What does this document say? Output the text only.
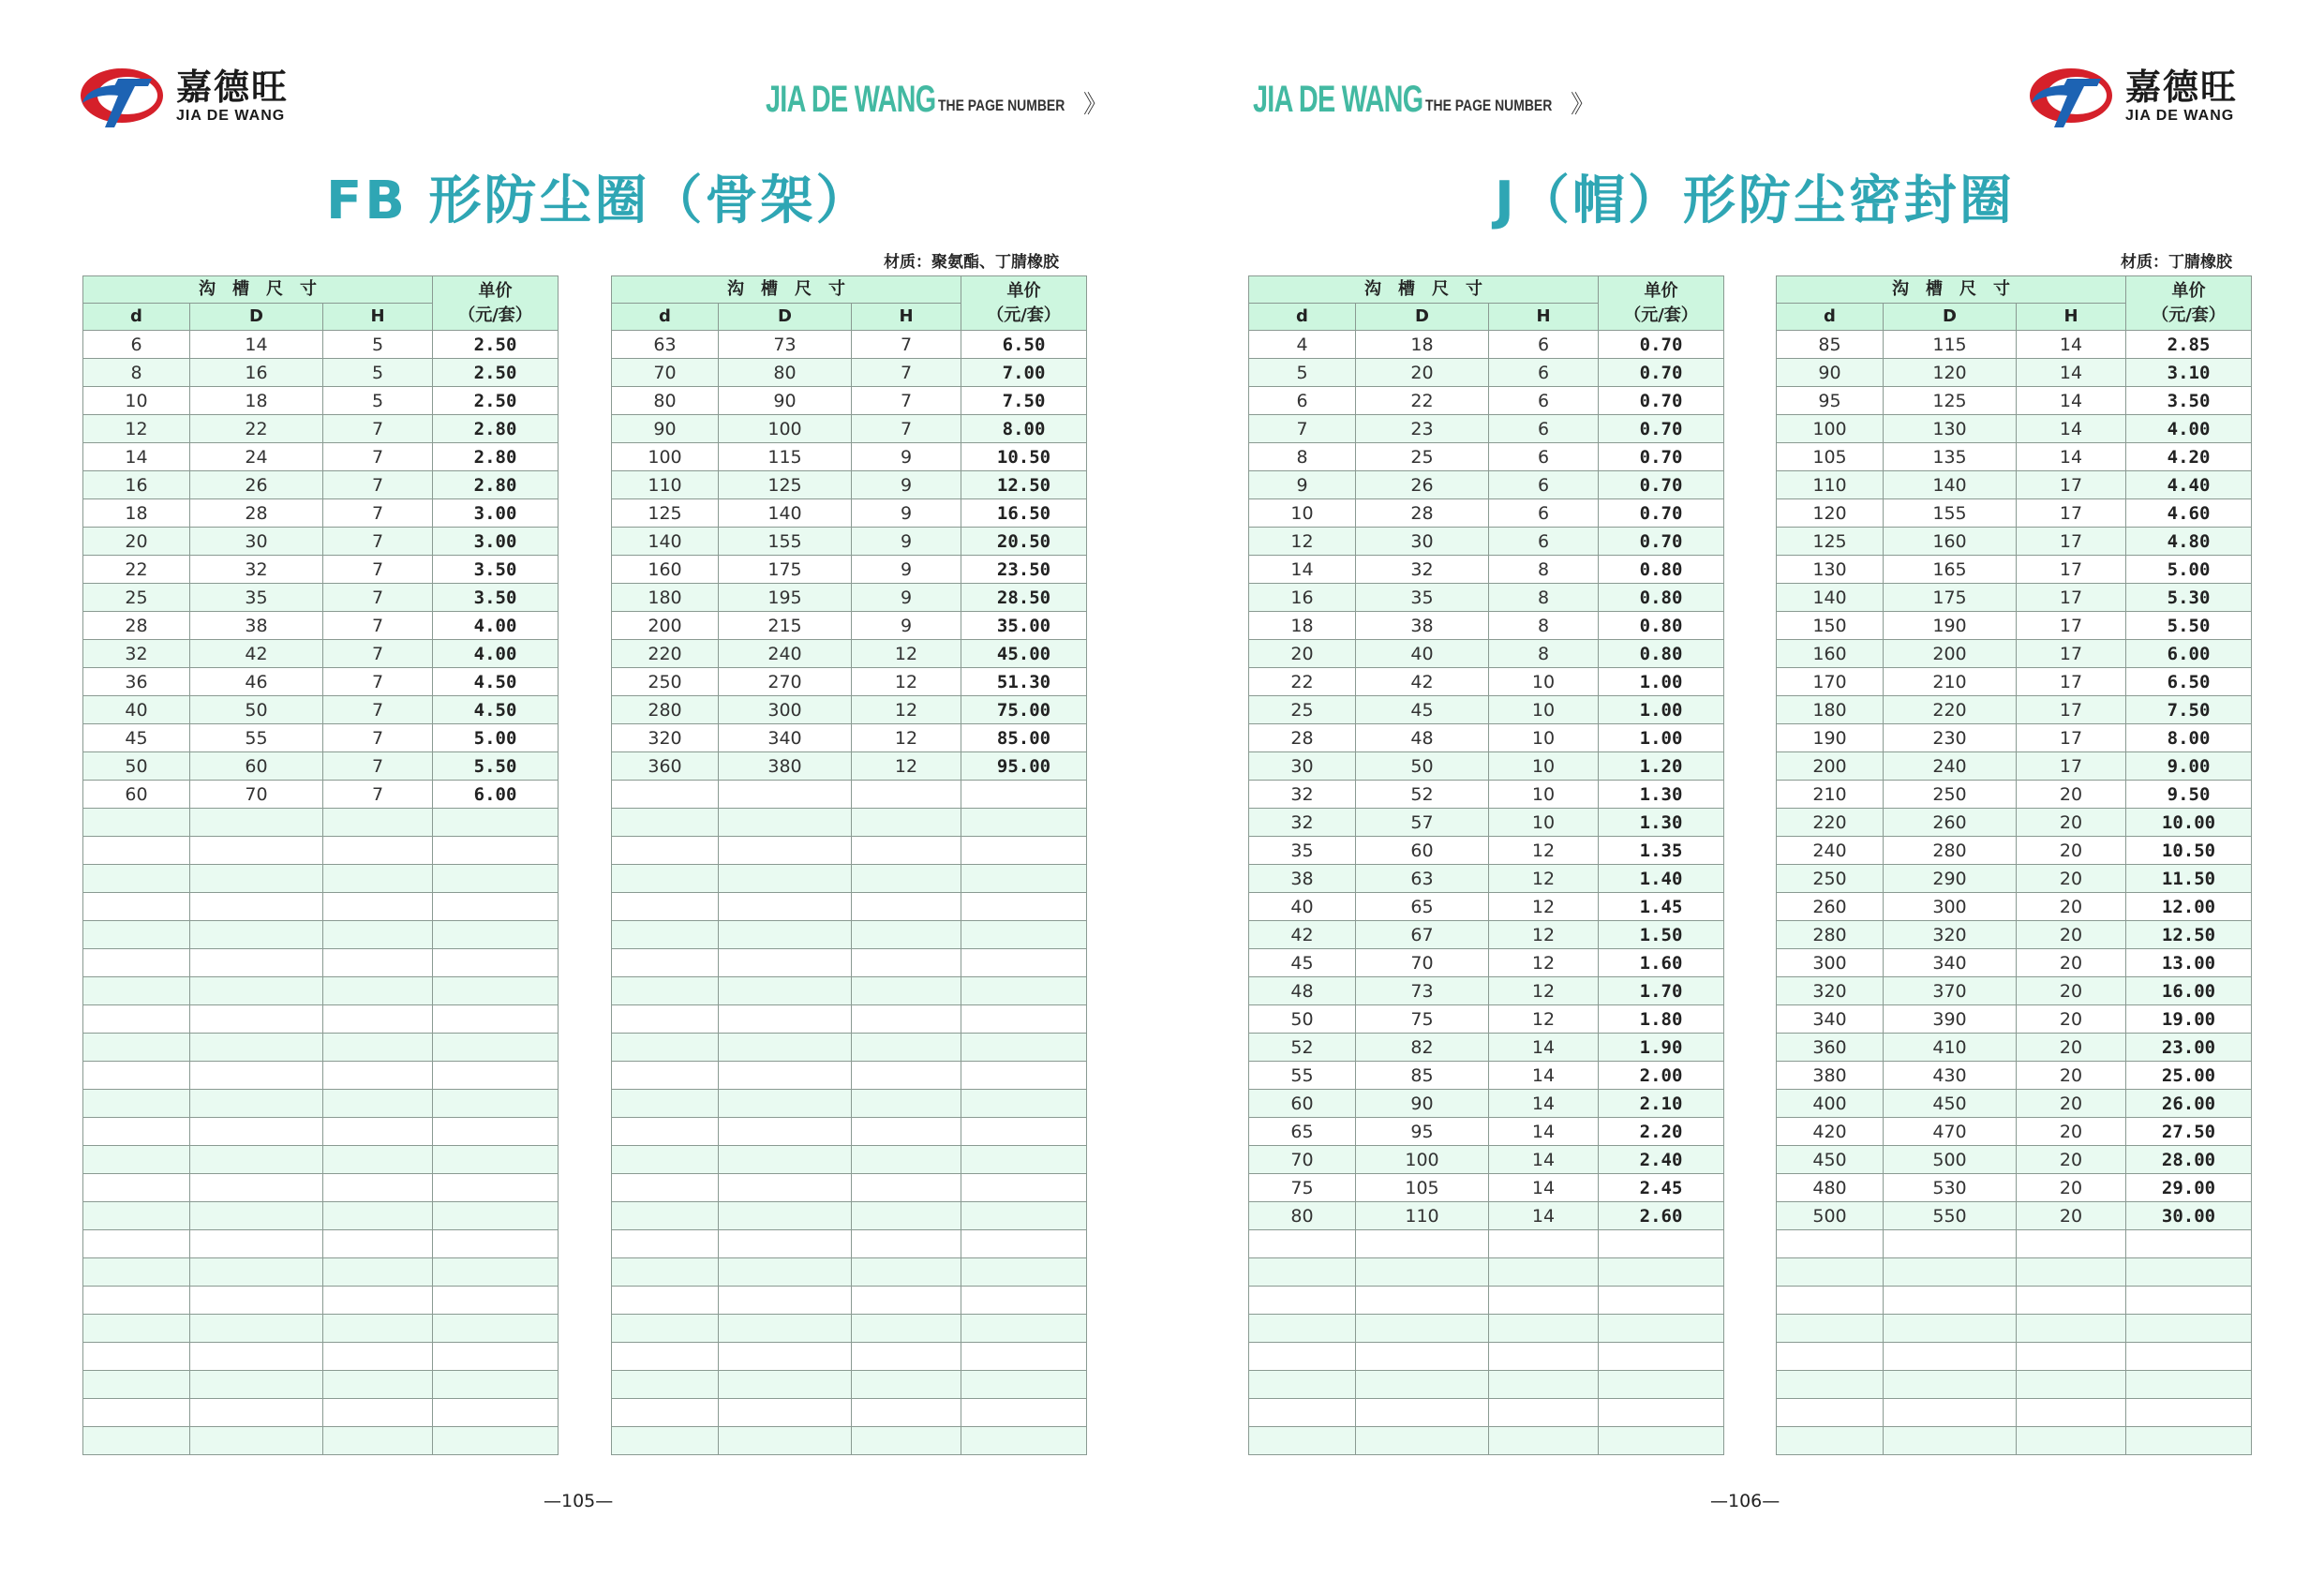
嘉德旺
JIA DE WANG	JIA DE WANG THE PAGE NUMBER 》
FB 形防尘圈（骨架）
材质：聚氨酯、丁腈橡胶
沟　槽　尺　寸			单价
（元/套）

d	D	H	
6	14	5	2.50
8	16	5	2.50
10	18	5	2.50
12	22	7	2.80
14	24	7	2.80
16	26	7	2.80
18	28	7	3.00
20	30	7	3.00
22	32	7	3.50
25	35	7	3.50
28	38	7	4.00
32	42	7	4.00
36	46	7	4.50
40	50	7	4.50
45	55	7	5.00
50	60	7	5.50
60	70	7	6.00

沟　槽　尺　寸			单价
（元/套）

d	D	H	
63	73	7	6.50
70	80	7	7.00
80	90	7	7.50
90	100	7	8.00
100	115	9	10.50
110	125	9	12.50
125	140	9	16.50
140	155	9	20.50
160	175	9	23.50
180	195	9	28.50
200	215	9	35.00
220	240	12	45.00
250	270	12	51.30
280	300	12	75.00
320	340	12	85.00
360	380	12	95.00

—105—
JIA DE WANG THE PAGE NUMBER 》	嘉德旺
JIA DE WANG
J（帽）形防尘密封圈
材质：丁腈橡胶
沟　槽　尺　寸			单价
（元/套）

d	D	H	
4	18	6	0.70
5	20	6	0.70
6	22	6	0.70
7	23	6	0.70
8	25	6	0.70
9	26	6	0.70
10	28	6	0.70
12	30	6	0.70
14	32	8	0.80
16	35	8	0.80
18	38	8	0.80
20	40	8	0.80
22	42	10	1.00
25	45	10	1.00
28	48	10	1.00
30	50	10	1.20
32	52	10	1.30
32	57	10	1.30
35	60	12	1.35
38	63	12	1.40
40	65	12	1.45
42	67	12	1.50
45	70	12	1.60
48	73	12	1.70
50	75	12	1.80
52	82	14	1.90
55	85	14	2.00
60	90	14	2.10
65	95	14	2.20
70	100	14	2.40
75	105	14	2.45
80	110	14	2.60

沟　槽　尺　寸			单价
（元/套）

d	D	H	
85	115	14	2.85
90	120	14	3.10
95	125	14	3.50
100	130	14	4.00
105	135	14	4.20
110	140	17	4.40
120	155	17	4.60
125	160	17	4.80
130	165	17	5.00
140	175	17	5.30
150	190	17	5.50
160	200	17	6.00
170	210	17	6.50
180	220	17	7.50
190	230	17	8.00
200	240	17	9.00
210	250	20	9.50
220	260	20	10.00
240	280	20	10.50
250	290	20	11.50
260	300	20	12.00
280	320	20	12.50
300	340	20	13.00
320	370	20	16.00
340	390	20	19.00
360	410	20	23.00
380	430	20	25.00
400	450	20	26.00
420	470	20	27.50
450	500	20	28.00
480	530	20	29.00
500	550	20	30.00

—106—
